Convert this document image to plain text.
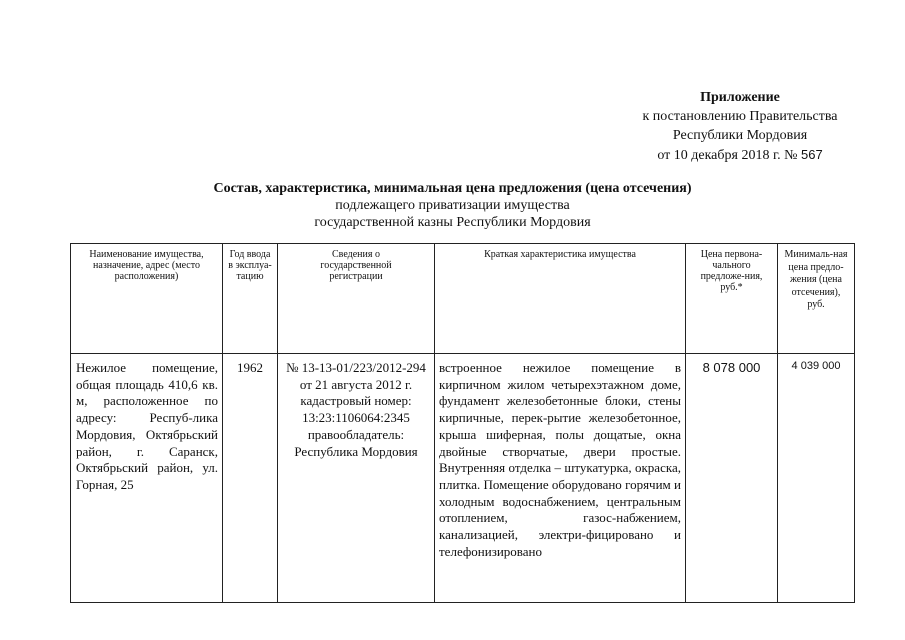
Приложение
к постановлению Правительства
Республики Мордовия
от 10 декабря 2018 г. № 567
Состав, характеристика, минимальная цена предложения (цена отсечения)
подлежащего приватизации имущества
государственной казны Республики Мордовия
Наименование имущества, назначение, адрес (место расположения)	Год ввода в эксплуа-тацию	Сведения о государственной регистрации	Краткая характеристика имущества	Цена первона-чального предложе-ния, руб.*	Минималь-ная цена предло-жения (цена отсечения), руб.
Нежилое помещение, общая площадь 410,6 кв. м, расположенное по адресу: Респуб-лика Мордовия, Октябрьский район, г. Саранск, Октябрьский район, ул. Горная, 25	1962	№ 13-13-01/223/2012-294 от 21 августа 2012 г. кадастровый номер: 13:23:1106064:2345 правообладатель: Республика Мордовия	встроенное нежилое помещение в кирпичном жилом четырехэтажном доме, фундамент железобетонные блоки, стены кирпичные, перек-рытие железобетонное, крыша шиферная, полы дощатые, окна двойные створчатые, двери простые. Внутренняя отделка – штукатурка, окраска, плитка. Помещение оборудовано горячим и холодным водоснабжением, центральным отоплением, газос-набжением, канализацией, электри-фицировано и телефонизировано	8 078 000	4 039 000
